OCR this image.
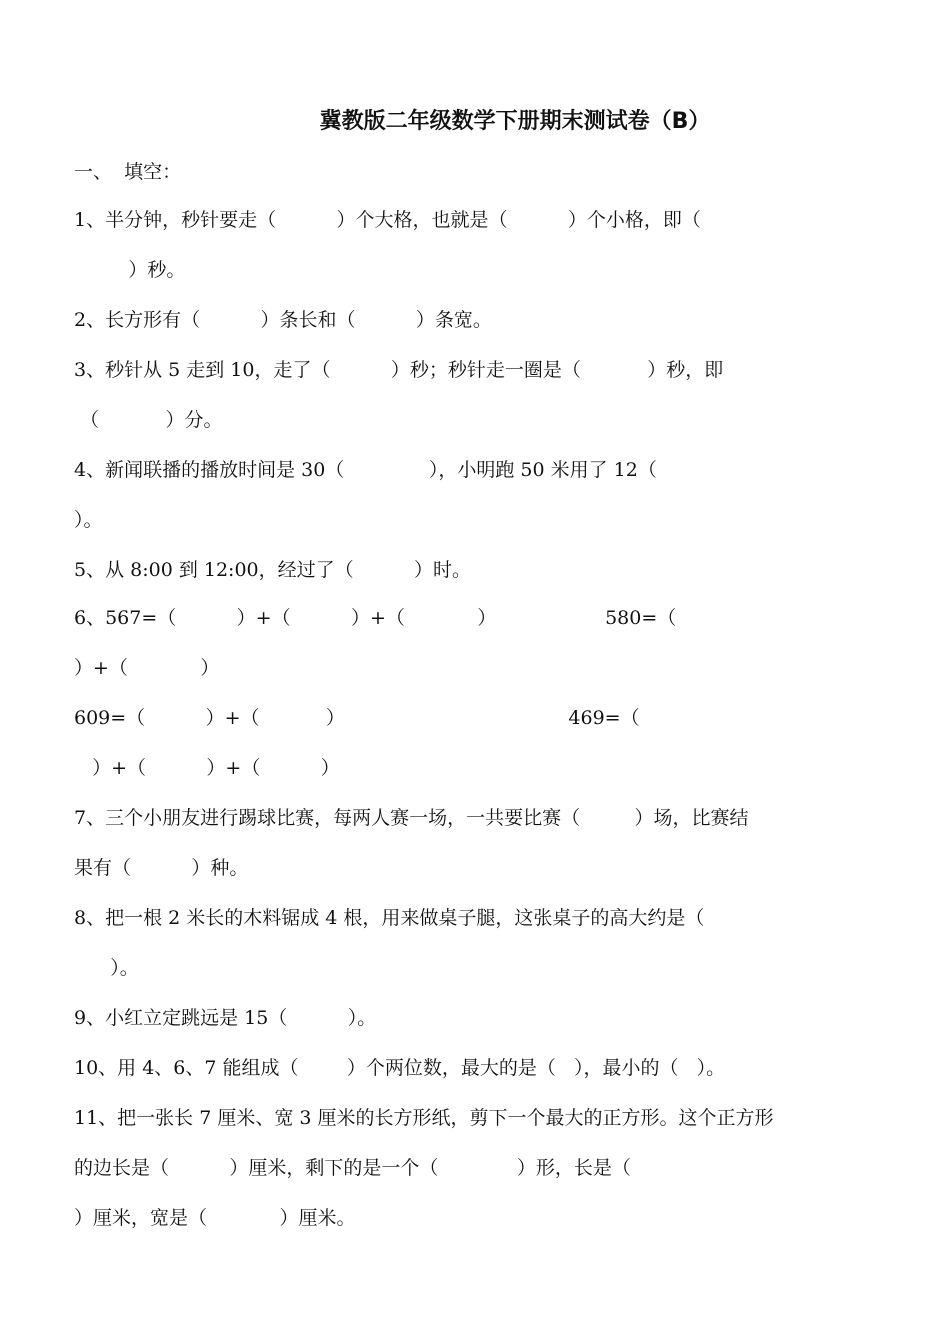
冀教版二年级数学下册期末测试卷（B）
一、  填空：
1、半分钟，秒针要走（          ）个大格，也就是（          ）个小格，即（
）秒。
2、长方形有（          ）条长和（          ）条宽。
3、秒针从 5 走到 10，走了（          ）秒；秒针走一圈是（           ）秒，即
（           ）分。
4、新闻联播的播放时间是 30（              ），小明跑 50 米用了 12（
）。
5、从 8:00 到 12:00，经过了（          ）时。
6、567=（          ）+（          ）+（            ）                  580=（
）+（            ）
609=（          ）+（           ）                                     469=（
）+（          ）+（          ）
7、三个小朋友进行踢球比赛，每两人赛一场，一共要比赛（         ）场，比赛结
果有（          ）种。
8、把一根 2 米长的木料锯成 4 根，用来做桌子腿，这张桌子的高大约是（
）。
9、小红立定跳远是 15（          ）。
10、用 4、6、7 能组成（        ）个两位数，最大的是（   ），最小的（   ）。
11、把一张长 7 厘米、宽 3 厘米的长方形纸，剪下一个最大的正方形。这个正方形
的边长是（          ）厘米，剩下的是一个（             ）形，长是（
）厘米，宽是（            ）厘米。
